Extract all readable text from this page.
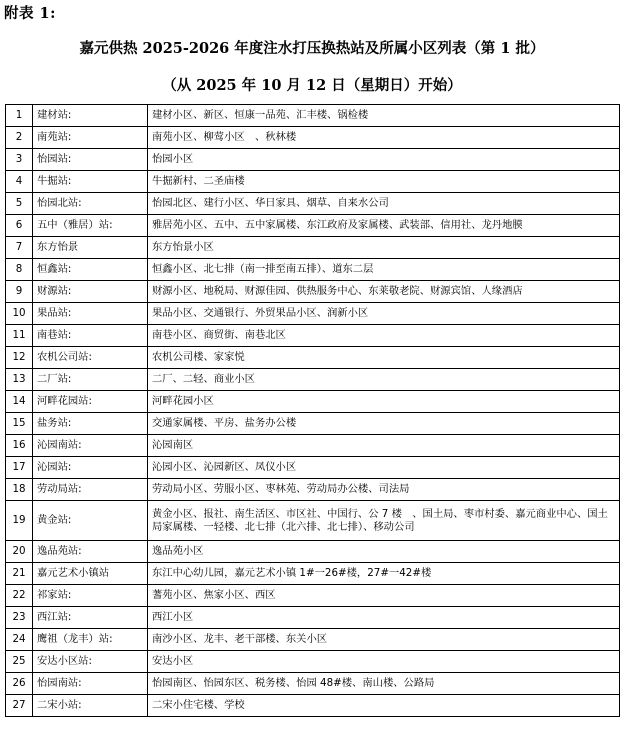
附表 1:
嘉元供热 2025-2026 年度注水打压换热站及所属小区列表（第 1 批）
（从 2025 年 10 月 12 日（星期日）开始）
1	建材站:	建材小区、新区、恒康一品苑、汇丰楼、锅检楼
2	南苑站:	南苑小区、柳莺小区　、秋林楼
3	怡园站:	怡园小区
4	牛掘站:	牛掘新村、二圣庙楼
5	怡园北站:	怡园北区、建行小区、华日家具、烟草、自来水公司
6	五中（雅居）站:	雅居苑小区、五中、五中家属楼、东江政府及家属楼、武装部、信用社、龙丹地膜
7	东方怡景	东方怡景小区
8	恒鑫站:	恒鑫小区、北七排（南一排至南五排）、道东二层
9	财源站:	财源小区、地税局、财源佳园、供热服务中心、东莱敬老院、财源宾馆、人缘酒店
10	果品站:	果品小区、交通银行、外贸果品小区、润新小区
11	南巷站:	南巷小区、商贸街、南巷北区
12	农机公司站:	农机公司楼、家家悦
13	二厂站:	二厂、二轻、商业小区
14	河畔花园站:	河畔花园小区
15	盐务站:	交通家属楼、平房、盐务办公楼
16	沁园南站:	沁园南区
17	沁园站:	沁园小区、沁园新区、凤仪小区
18	劳动局站:	劳动局小区、劳服小区、枣林苑、劳动局办公楼、司法局
19	黄金站:	黄金小区、报社、南生活区、市区社、中国行、公 7 楼　、国土局、枣市村委、嘉元商业中心、国土局家属楼、一轻楼、北七排（北六排、北七排）、移动公司
20	逸品苑站:	逸品苑小区
21	嘉元艺术小镇站	东江中心幼儿园，嘉元艺术小镇 1#一26#楼，27#一42#楼
22	祁家站:	蓍苑小区、焦家小区、西区
23	西江站:	西江小区
24	鹰祖（龙丰）站:	南沙小区、龙丰、老干部楼、东关小区
25	安达小区站:	安达小区
26	怡园南站:	怡园南区、怡园东区、税务楼、怡园 48#楼、南山楼、公路局
27	二宋小站:	二宋小住宅楼、学校
